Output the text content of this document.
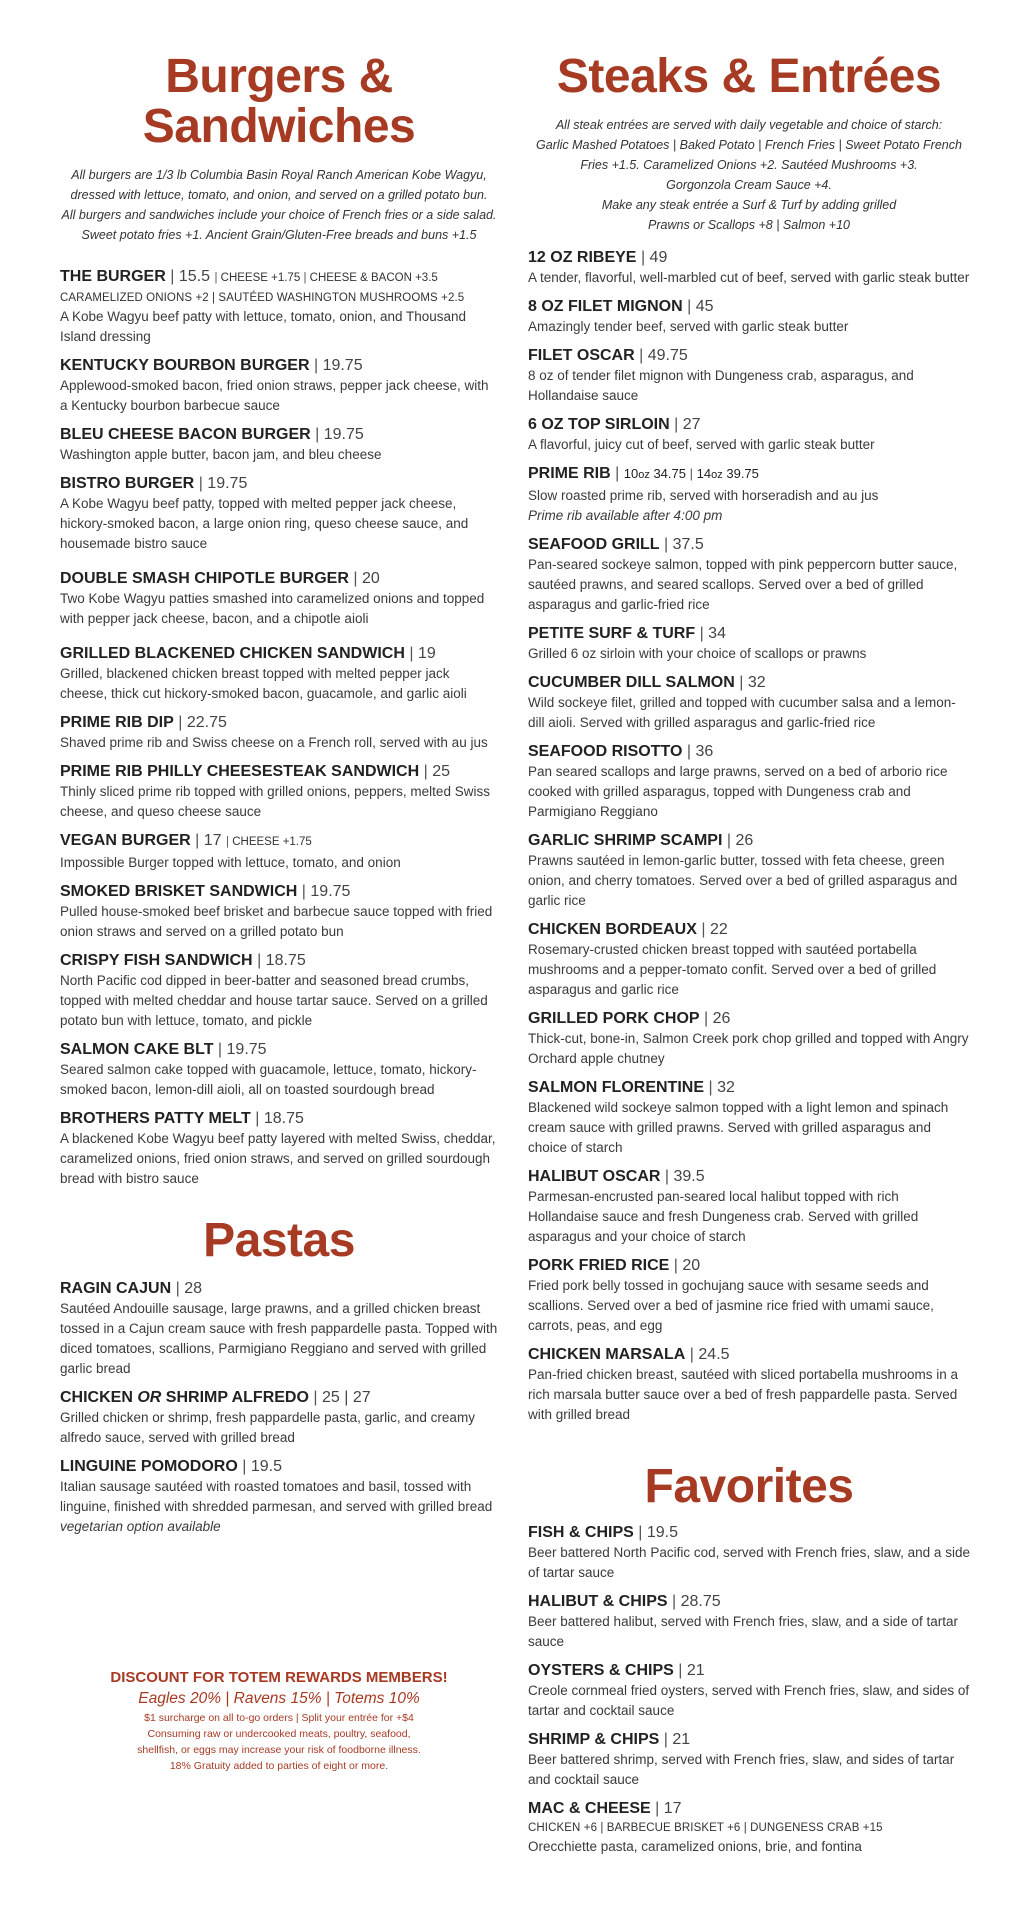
Burgers & Sandwiches

All burgers are 1/3 lb Columbia Basin Royal Ranch American Kobe Wagyu,

dressed with lettuce, tomato, and onion, and served on a grilled potato bun.

All burgers and sandwiches include your choice of French fries or a side salad.

Sweet potato fries +1. Ancient Grain/Gluten-Free breads and buns +1.5

THE BURGER | 15.5 | CHEESE +1.75 | CHEESE & BACON +3.5

CARAMELIZED ONIONS +2 | SAUTÉED WASHINGTON MUSHROOMS +2.5

A Kobe Wagyu beef patty with lettuce, tomato, onion, and Thousand Island dressing

KENTUCKY BOURBON BURGER | 19.75

Applewood-smoked bacon, fried onion straws, pepper jack cheese, with a Kentucky bourbon barbecue sauce

BLEU CHEESE BACON BURGER | 19.75

Washington apple butter, bacon jam, and bleu cheese

BISTRO BURGER | 19.75

A Kobe Wagyu beef patty, topped with melted pepper jack cheese, hickory-smoked bacon, a large onion ring, queso cheese sauce, and housemade bistro sauce

DOUBLE SMASH CHIPOTLE BURGER | 20

Two Kobe Wagyu patties smashed into caramelized onions and topped with pepper jack cheese, bacon, and a chipotle aioli

GRILLED BLACKENED CHICKEN SANDWICH | 19

Grilled, blackened chicken breast topped with melted pepper jack cheese, thick cut hickory-smoked bacon, guacamole, and garlic aioli

PRIME RIB DIP | 22.75

Shaved prime rib and Swiss cheese on a French roll, served with au jus

PRIME RIB PHILLY CHEESESTEAK SANDWICH | 25

Thinly sliced prime rib topped with grilled onions, peppers, melted Swiss cheese, and queso cheese sauce

VEGAN BURGER | 17 | CHEESE +1.75

Impossible Burger topped with lettuce, tomato, and onion

SMOKED BRISKET SANDWICH | 19.75

Pulled house-smoked beef brisket and barbecue sauce topped with fried onion straws and served on a grilled potato bun

CRISPY FISH SANDWICH | 18.75

North Pacific cod dipped in beer-batter and seasoned bread crumbs, topped with melted cheddar and house tartar sauce. Served on a grilled potato bun with lettuce, tomato, and pickle

SALMON CAKE BLT | 19.75

Seared salmon cake topped with guacamole, lettuce, tomato, hickory-smoked bacon, lemon-dill aioli, all on toasted sourdough bread

BROTHERS PATTY MELT | 18.75

A blackened Kobe Wagyu beef patty layered with melted Swiss, cheddar, caramelized onions, fried onion straws, and served on grilled sourdough bread with bistro sauce

Pastas
RAGIN CAJUN | 28

Sautéed Andouille sausage, large prawns, and a grilled chicken breast tossed in a Cajun cream sauce with fresh pappardelle pasta. Topped with diced tomatoes, scallions, Parmigiano Reggiano and served with grilled garlic bread

CHICKEN OR SHRIMP ALFREDO | 25 | 27

Grilled chicken or shrimp, fresh pappardelle pasta, garlic, and creamy alfredo sauce, served with grilled bread

LINGUINE POMODORO | 19.5

Italian sausage sautéed with roasted tomatoes and basil, tossed with linguine, finished with shredded parmesan, and served with grilled bread

vegetarian option available

DISCOUNT FOR TOTEM REWARDS MEMBERS!
Eagles 20% | Ravens 15% | Totems 10%
$1 surcharge on all to-go orders | Split your entrée for +$4
Consuming raw or undercooked meats, poultry, seafood,
shellfish, or eggs may increase your risk of foodborne illness.
18% Gratuity added to parties of eight or more.
Steaks & Entrées

All steak entrées are served with daily vegetable and choice of starch:

Garlic Mashed Potatoes | Baked Potato | French Fries | Sweet Potato French

Fries +1.5. Caramelized Onions +2. Sautéed Mushrooms +3.

Gorgonzola Cream Sauce +4.

Make any steak entrée a Surf & Turf by adding grilled

Prawns or Scallops +8 | Salmon +10

12 OZ RIBEYE | 49

A tender, flavorful, well-marbled cut of beef, served with garlic steak butter

8 OZ FILET MIGNON | 45

Amazingly tender beef, served with garlic steak butter

FILET OSCAR | 49.75

8 oz of tender filet mignon with Dungeness crab, asparagus, and Hollandaise sauce

6 OZ TOP SIRLOIN | 27

A flavorful, juicy cut of beef, served with garlic steak butter

PRIME RIB | 10oz 34.75 | 14oz 39.75

Slow roasted prime rib, served with horseradish and au jus

Prime rib available after 4:00 pm

SEAFOOD GRILL | 37.5

Pan-seared sockeye salmon, topped with pink peppercorn butter sauce, sautéed prawns, and seared scallops. Served over a bed of grilled asparagus and garlic-fried rice

PETITE SURF & TURF | 34

Grilled 6 oz sirloin with your choice of scallops or prawns

CUCUMBER DILL SALMON | 32

Wild sockeye filet, grilled and topped with cucumber salsa and a lemon-dill aioli. Served with grilled asparagus and garlic-fried rice

SEAFOOD RISOTTO | 36

Pan seared scallops and large prawns, served on a bed of arborio rice cooked with grilled asparagus, topped with Dungeness crab and Parmigiano Reggiano

GARLIC SHRIMP SCAMPI | 26

Prawns sautéed in lemon-garlic butter, tossed with feta cheese, green onion, and cherry tomatoes. Served over a bed of grilled asparagus and garlic rice

CHICKEN BORDEAUX | 22

Rosemary-crusted chicken breast topped with sautéed portabella mushrooms and a pepper-tomato confit. Served over a bed of grilled asparagus and garlic rice

GRILLED PORK CHOP | 26

Thick-cut, bone-in, Salmon Creek pork chop grilled and topped with Angry Orchard apple chutney

SALMON FLORENTINE | 32

Blackened wild sockeye salmon topped with a light lemon and spinach cream sauce with grilled prawns. Served with grilled asparagus and choice of starch

HALIBUT OSCAR | 39.5

Parmesan-encrusted pan-seared local halibut topped with rich Hollandaise sauce and fresh Dungeness crab. Served with grilled asparagus and your choice of starch

PORK FRIED RICE | 20

Fried pork belly tossed in gochujang sauce with sesame seeds and scallions. Served over a bed of jasmine rice fried with umami sauce, carrots, peas, and egg

CHICKEN MARSALA | 24.5

Pan-fried chicken breast, sautéed with sliced portabella mushrooms in a rich marsala butter sauce over a bed of fresh pappardelle pasta. Served with grilled bread

Favorites
FISH & CHIPS | 19.5

Beer battered North Pacific cod, served with French fries, slaw, and a side of tartar sauce

HALIBUT & CHIPS | 28.75

Beer battered halibut, served with French fries, slaw, and a side of tartar sauce

OYSTERS & CHIPS | 21

Creole cornmeal fried oysters, served with French fries, slaw, and sides of tartar and cocktail sauce

SHRIMP & CHIPS | 21

Beer battered shrimp, served with French fries, slaw, and sides of tartar and cocktail sauce

MAC & CHEESE | 17

CHICKEN +6 | BARBECUE BRISKET +6 | DUNGENESS CRAB +15

Orecchiette pasta, caramelized onions, brie, and fontina
